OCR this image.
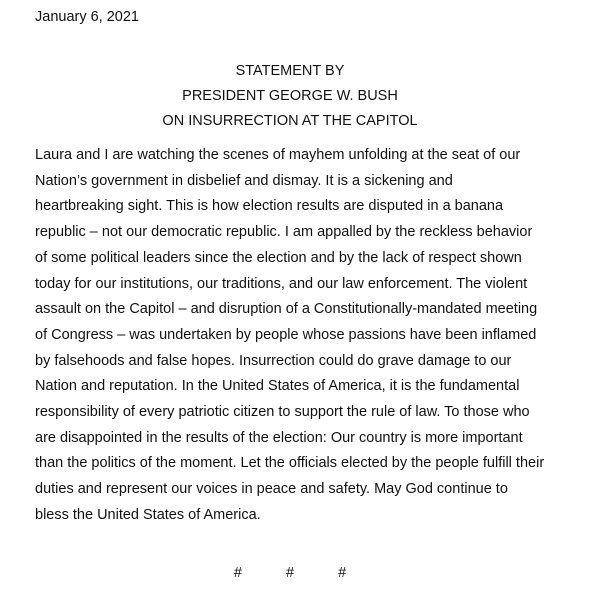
January 6, 2021
STATEMENT BY
PRESIDENT GEORGE W. BUSH
ON INSURRECTION AT THE CAPITOL
Laura and I are watching the scenes of mayhem unfolding at the seat of our
Nation’s government in disbelief and dismay. It is a sickening and
heartbreaking sight. This is how election results are disputed in a banana
republic – not our democratic republic. I am appalled by the reckless behavior
of some political leaders since the election and by the lack of respect shown
today for our institutions, our traditions, and our law enforcement. The violent
assault on the Capitol – and disruption of a Constitutionally-mandated meeting
of Congress – was undertaken by people whose passions have been inflamed
by falsehoods and false hopes. Insurrection could do grave damage to our
Nation and reputation. In the United States of America, it is the fundamental
responsibility of every patriotic citizen to support the rule of law. To those who
are disappointed in the results of the election: Our country is more important
than the politics of the moment. Let the officials elected by the people fulfill their
duties and represent our voices in peace and safety. May God continue to
bless the United States of America.
#	#	#
